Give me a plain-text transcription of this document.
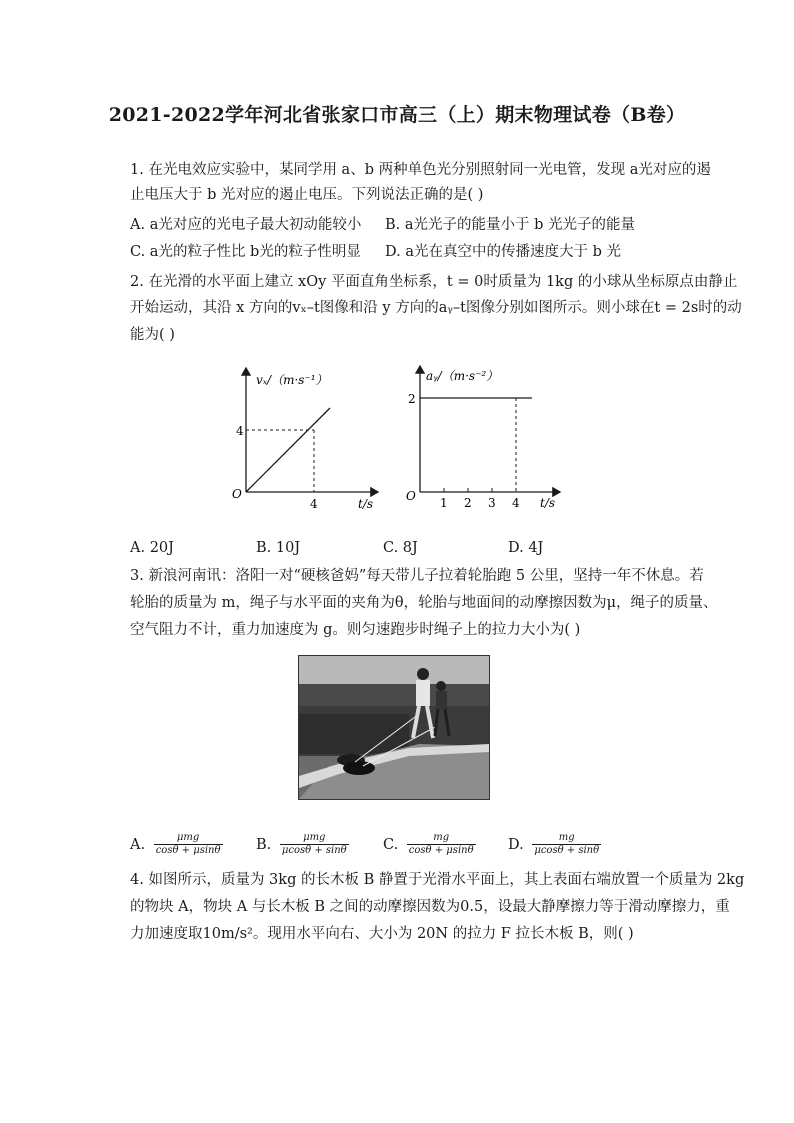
2021-2022学年河北省张家口市高三（上）期末物理试卷（B卷）
1. 在光电效应实验中，某同学用 a、b 两种单色光分别照射同一光电管，发现 a光对应的遏
止电压大于 b 光对应的遏止电压。下列说法正确的是( )
A. a光对应的光电子最大初动能较小 B. a光光子的能量小于 b 光光子的能量
C. a光的粒子性比 b光的粒子性明显 D. a光在真空中的传播速度大于 b 光
2. 在光滑的水平面上建立 xOy 平面直角坐标系，t = 0时质量为 1kg 的小球从坐标原点由静止
开始运动，其沿 x 方向的vₓ–t图像和沿 y 方向的aᵧ–t图像分别如图所示。则小球在t = 2s时的动
能为( )
vₓ/（m·s⁻¹）
4
O
4	t/s
aᵧ/（m·s⁻²）
2
O 1 2 3 4 t/s
A. 20J	B. 10J	C. 8J	D. 4J
3. 新浪河南讯：洛阳一对“硬核爸妈”每天带儿子拉着轮胎跑 5 公里，坚持一年不休息。若
轮胎的质量为 m，绳子与水平面的夹角为θ，轮胎与地面间的动摩擦因数为μ，绳子的质量、
空气阻力不计，重力加速度为 g。则匀速跑步时绳子上的拉力大小为( )
A. $\frac{\text{μmg}}{\cos\theta + \mu\sin\theta} B$. $\frac{\text{μmg}}{\mu\cos\theta + \sin\theta} C$. $\frac{mg}{\cos\theta + \mu\sin\theta} D$. $\frac{mg}{\mu\cos\theta + \sin\theta}$
4. 如图所示，质量为 3kg 的长木板 B 静置于光滑水平面上，其上表面右端放置一个质量为 2kg
的物块 A，物块 A 与长木板 B 之间的动摩擦因数为0.5，设最大静摩擦力等于滑动摩擦力，重
力加速度取10m/s²。现用水平向右、大小为 20N 的拉力 F 拉长木板 B，则( )
